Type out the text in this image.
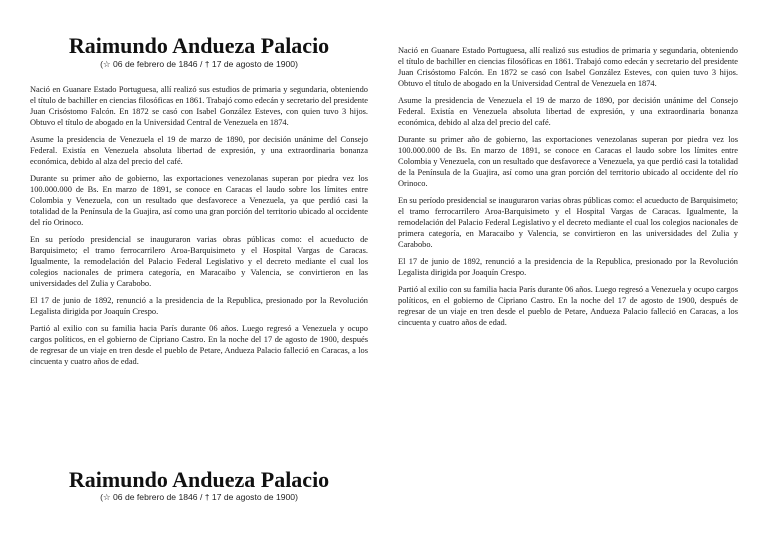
Raimundo Andueza Palacio

(☆ 06 de febrero de 1846 / † 17 de agosto de 1900)

Nació en Guanare Estado Portuguesa, allí realizó sus estudios de primaria y segundaria, obteniendo el título de bachiller en ciencias filosóficas en 1861. Trabajó como edecán y secretario del presidente Juan Crisóstomo Falcón. En 1872 se casó con Isabel González Esteves, con quien tuvo 3 hijos. Obtuvo el título de abogado en la Universidad Central de Venezuela en 1874.

Asume la presidencia de Venezuela el 19 de marzo de 1890, por decisión unánime del Consejo Federal. Existía en Venezuela absoluta libertad de expresión, y una extraordinaria bonanza económica, debido al alza del precio del café.

Durante su primer año de gobierno, las exportaciones venezolanas superan por piedra vez los 100.000.000 de Bs. En marzo de 1891, se conoce en Caracas el laudo sobre los límites entre Colombia y Venezuela, con un resultado que desfavorece a Venezuela, ya que perdió casi la totalidad de la Península de la Guajira, así como una gran porción del territorio ubicado al occidente del río Orinoco.

En su período presidencial se inauguraron varias obras públicas como: el acueducto de Barquisimeto; el tramo ferrocarrilero Aroa-Barquisimeto y el Hospital Vargas de Caracas. Igualmente, la remodelación del Palacio Federal Legislativo y el decreto mediante el cual los colegios nacionales de primera categoría, en Maracaibo y Valencia, se convirtieron en las universidades del Zulia y Carabobo.

El 17 de junio de 1892, renunció a la presidencia de la Republica, presionado por la Revolución Legalista dirigida por Joaquín Crespo.

Partió al exilio con su familia hacia París durante 06 años. Luego regresó a Venezuela y ocupo cargos políticos, en el gobierno de Cipriano Castro. En la noche del 17 de agosto de 1900, después de regresar de un viaje en tren desde el pueblo de Petare, Andueza Palacio falleció en Caracas, a los cincuenta y cuatro años de edad.

Raimundo Andueza Palacio

(☆ 06 de febrero de 1846 / † 17 de agosto de 1900)

Nació en Guanare Estado Portuguesa, allí realizó sus estudios de primaria y segundaria, obteniendo el título de bachiller en ciencias filosóficas en 1861. Trabajó como edecán y secretario del presidente Juan Crisóstomo Falcón. En 1872 se casó con Isabel González Esteves, con quien tuvo 3 hijos. Obtuvo el título de abogado en la Universidad Central de Venezuela en 1874.

Asume la presidencia de Venezuela el 19 de marzo de 1890, por decisión unánime del Consejo Federal. Existía en Venezuela absoluta libertad de expresión, y una extraordinaria bonanza económica, debido al alza del precio del café.

Durante su primer año de gobierno, las exportaciones venezolanas superan por piedra vez los 100.000.000 de Bs. En marzo de 1891, se conoce en Caracas el laudo sobre los límites entre Colombia y Venezuela, con un resultado que desfavorece a Venezuela, ya que perdió casi la totalidad de la Península de la Guajira, así como una gran porción del territorio ubicado al occidente del río Orinoco.

En su período presidencial se inauguraron varias obras públicas como: el acueducto de Barquisimeto; el tramo ferrocarrilero Aroa-Barquisimeto y el Hospital Vargas de Caracas. Igualmente, la remodelación del Palacio Federal Legislativo y el decreto mediante el cual los colegios nacionales de primera categoría, en Maracaibo y Valencia, se convirtieron en las universidades del Zulia y Carabobo.

El 17 de junio de 1892, renunció a la presidencia de la Republica, presionado por la Revolución Legalista dirigida por Joaquín Crespo.

Partió al exilio con su familia hacia París durante 06 años. Luego regresó a Venezuela y ocupo cargos políticos, en el gobierno de Cipriano Castro. En la noche del 17 de agosto de 1900, después de regresar de un viaje en tren desde el pueblo de Petare, Andueza Palacio falleció en Caracas, a los cincuenta y cuatro años de edad.
